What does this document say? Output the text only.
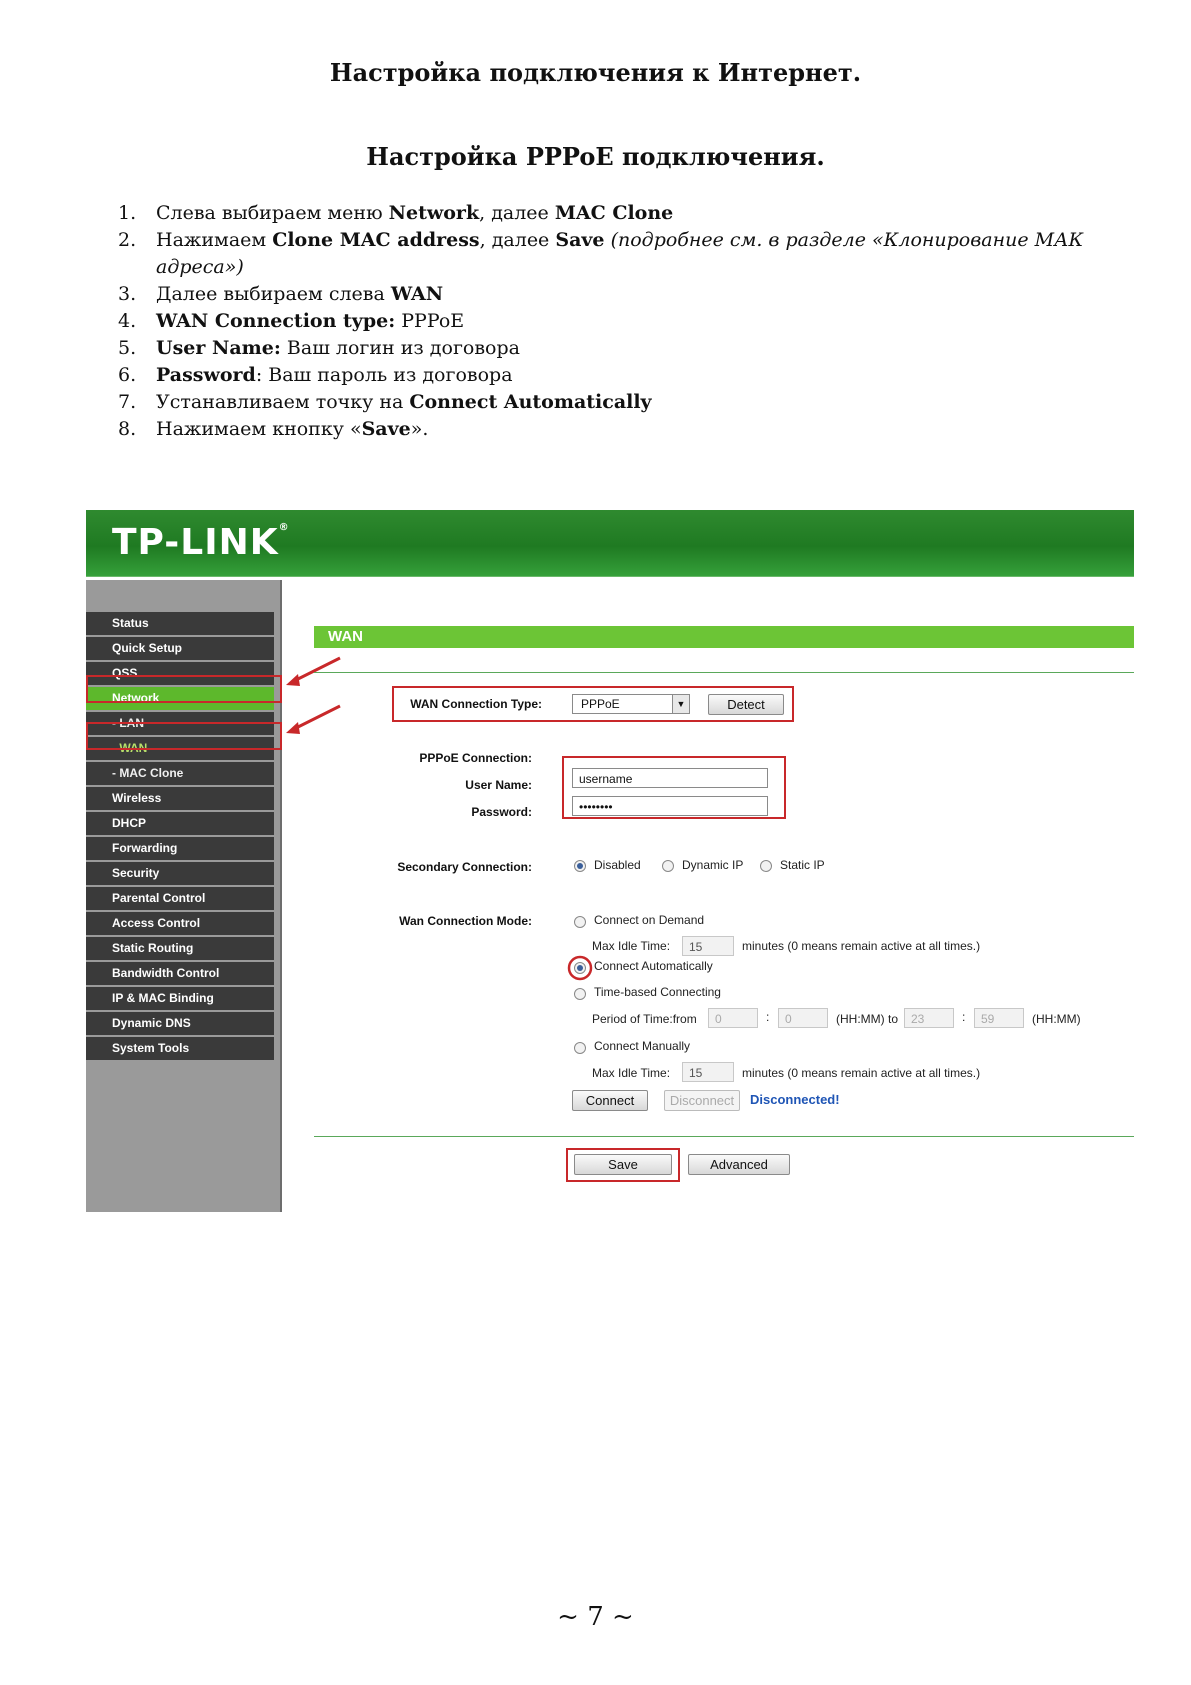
Настройка подключения к Интернет.
Настройка PPPoE подключения.
1.	Слева выбираем меню Network, далее MAC Clone
2.	Нажимаем Clone MAC address, далее Save (подробнее см. в разделе «Клонирование МАК адреса»)
3.	Далее выбираем слева WAN
4.	WAN Connection type: PPPoE
5.	User Name: Ваш логин из договора
6.	Password: Ваш пароль из договора
7.	Устанавливаем точку на Connect Automatically
8.	Нажимаем кнопку «Save».
TP-LINK®
Status
Quick Setup
QSS
Network
- LAN
- WAN
- MAC Clone
Wireless
DHCP
Forwarding
Security
Parental Control
Access Control
Static Routing
Bandwidth Control
IP & MAC Binding
Dynamic DNS
System Tools
WAN
WAN Connection Type:	PPPoE	▼	Detect
PPPoE Connection:
User Name:	username
Password:	••••••••
Secondary Connection:	Disabled	Dynamic IP	Static IP
Wan Connection Mode:	Connect on Demand
Max Idle Time:	15	minutes (0 means remain active at all times.)
Connect Automatically
Time-based Connecting
Period of Time:from	0	:	0	(HH:MM) to	23	:	59	(HH:MM)
Connect Manually
Max Idle Time:	15	minutes (0 means remain active at all times.)
Connect	Disconnect	Disconnected!
Save	Advanced
~ 7 ~
